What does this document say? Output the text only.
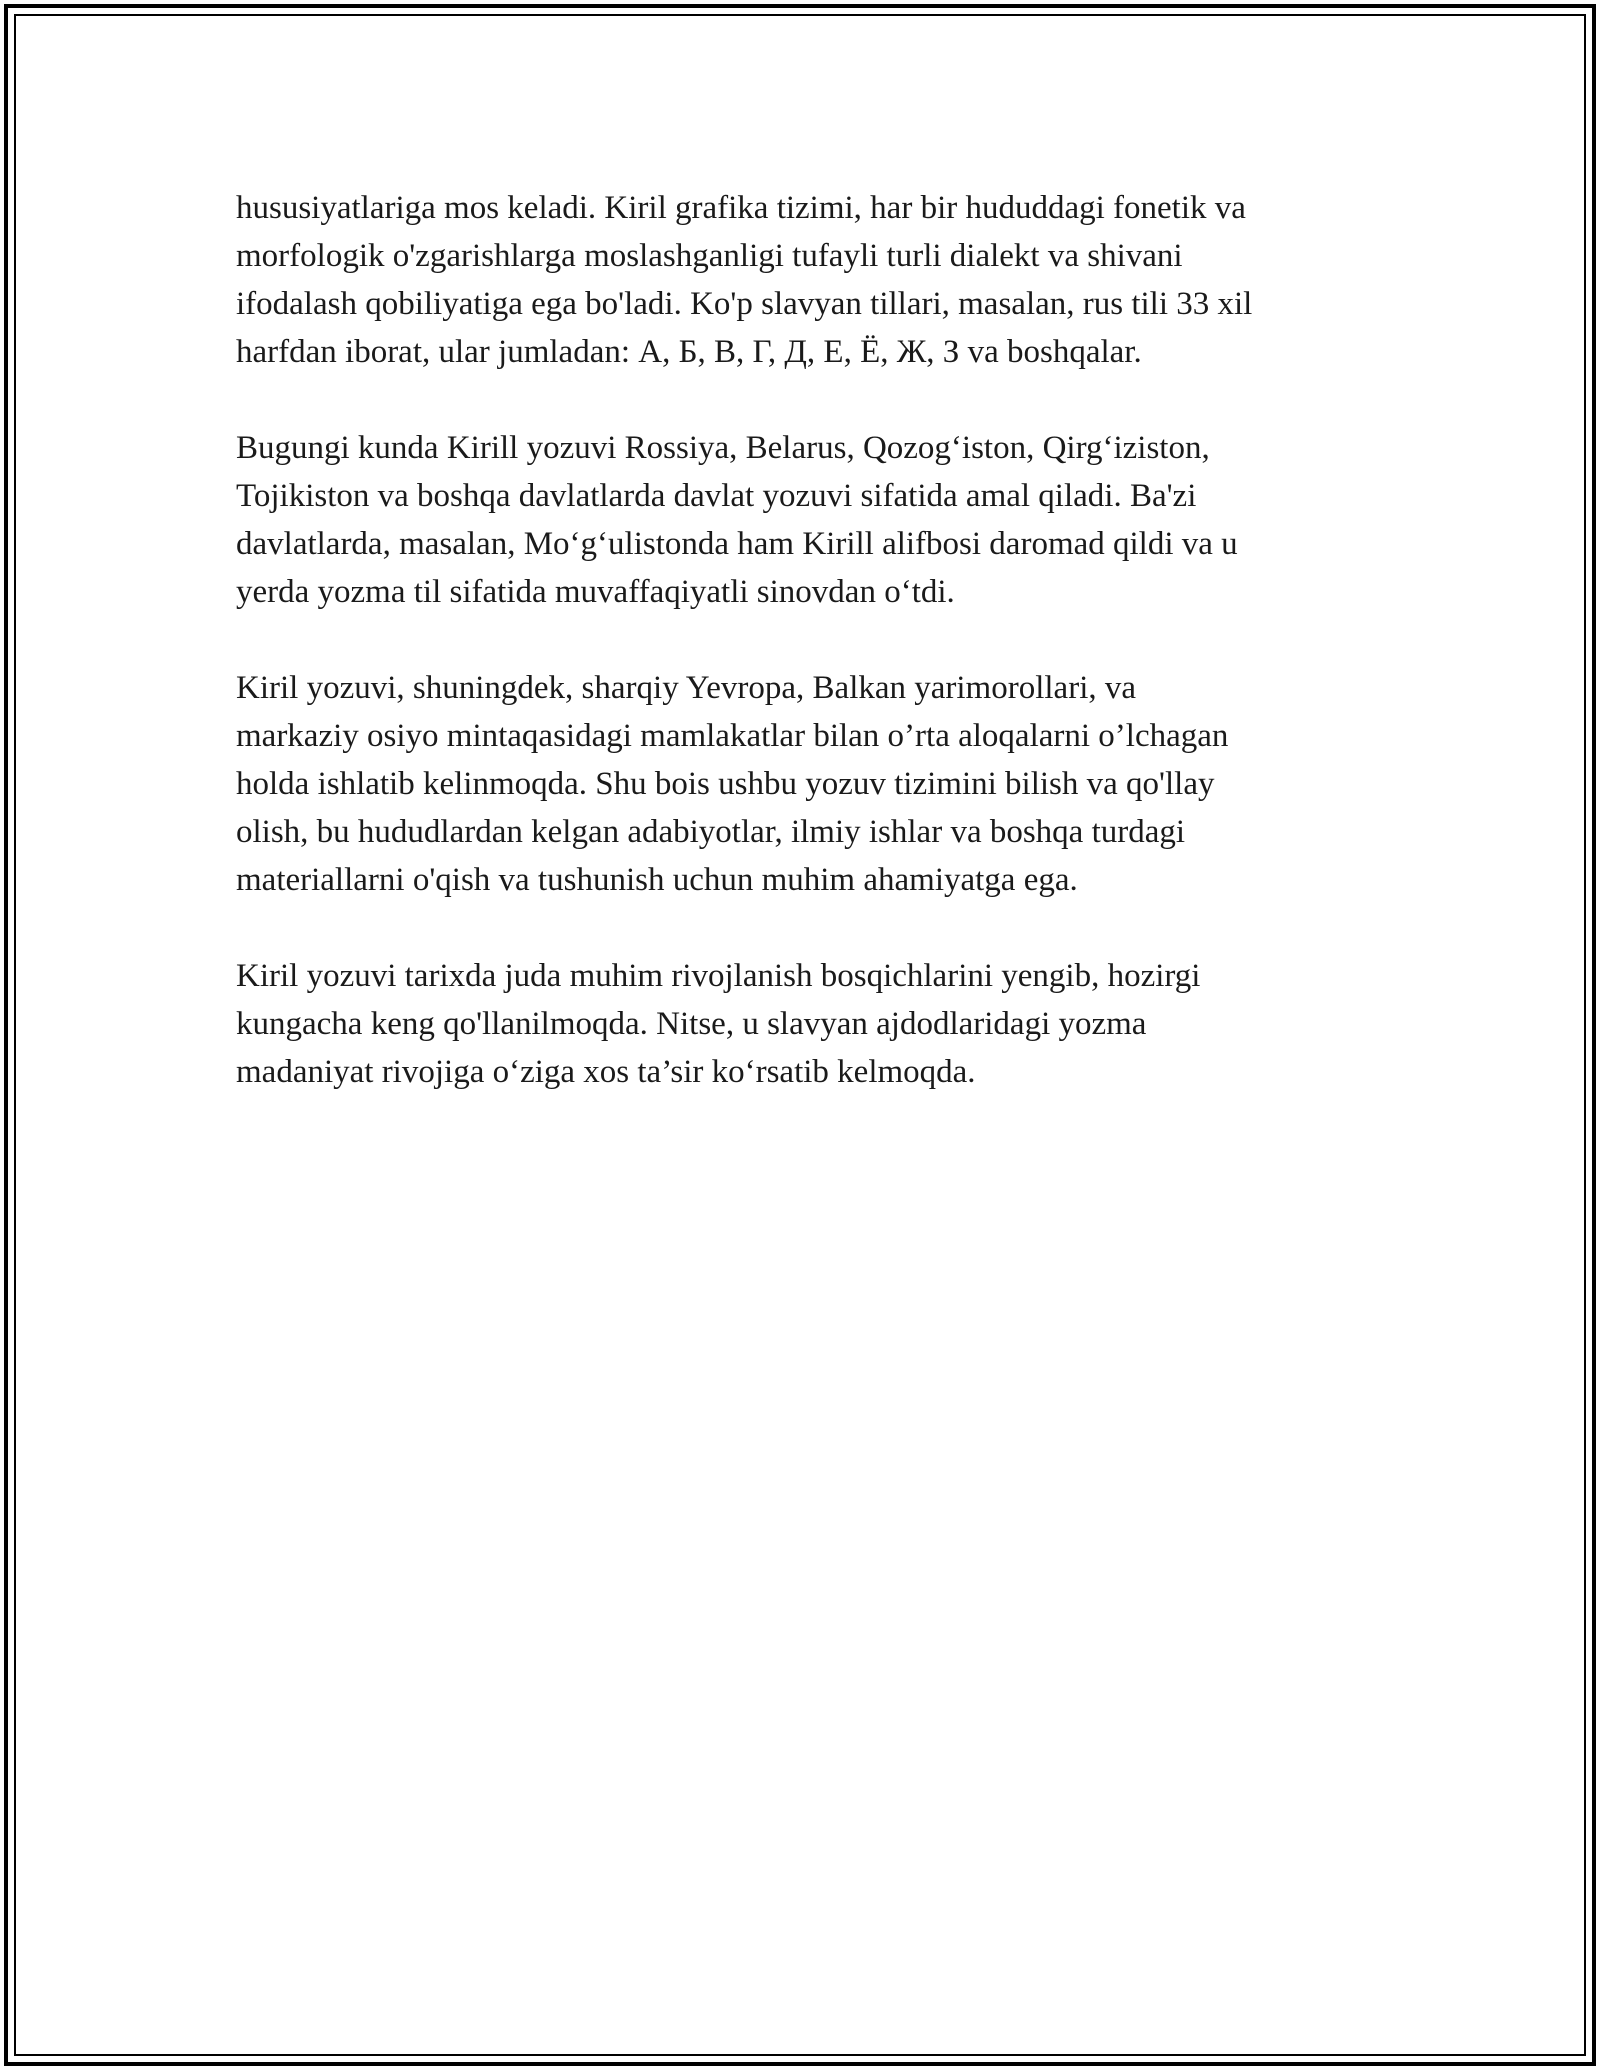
hususiyatlariga mos keladi. Kiril grafika tizimi, har bir hududdagi fonetik va
morfologik o'zgarishlarga moslashganligi tufayli turli dialekt va shivani
ifodalash qobiliyatiga ega bo'ladi. Ko'p slavyan tillari, masalan, rus tili 33 xil
harfdan iborat, ular jumladan: А, Б, В, Г, Д, Е, Ё, Ж, З va boshqalar.

Bugungi kunda Kirill yozuvi Rossiya, Belarus, Qozogʻiston, Qirgʻiziston,
Tojikiston va boshqa davlatlarda davlat yozuvi sifatida amal qiladi. Ba'zi
davlatlarda, masalan, Moʻgʻulistonda ham Kirill alifbosi daromad qildi va u
yerda yozma til sifatida muvaffaqiyatli sinovdan oʻtdi.

Kiril yozuvi, shuningdek, sharqiy Yevropa, Balkan yarimorollari, va
markaziy osiyo mintaqasidagi mamlakatlar bilan o’rta aloqalarni o’lchagan
holda ishlatib kelinmoqda. Shu bois ushbu yozuv tizimini bilish va qo'llay
olish, bu hududlardan kelgan adabiyotlar, ilmiy ishlar va boshqa turdagi
materiallarni o'qish va tushunish uchun muhim ahamiyatga ega.

Kiril yozuvi tarixda juda muhim rivojlanish bosqichlarini yengib, hozirgi
kungacha keng qo'llanilmoqda. Nitse, u slavyan ajdodlaridagi yozma
madaniyat rivojiga oʻziga xos ta’sir koʻrsatib kelmoqda.
